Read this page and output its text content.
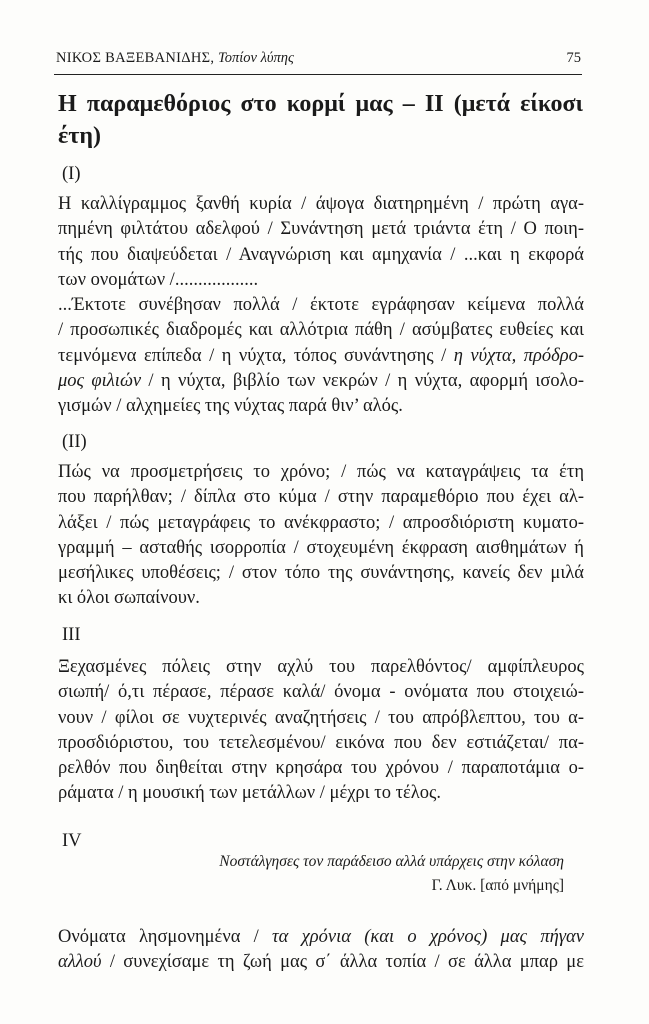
ΝΙΚΟΣ ΒΑΞΕΒΑΝΙΔΗΣ, Τοπίον λύπης	75
Η παραμεθόριος στο κορμί μας – ΙΙ (μετά είκοσι
έτη)
(Ι)

Η καλλίγραμμος ξανθή κυρία / άψογα διατηρημένη / πρώτη αγα-
πημένη φιλτάτου αδελφού / Συνάντηση μετά τριάντα έτη / Ο ποιη-
τής που διαψεύδεται / Αναγνώριση και αμηχανία / ...και η εκφορά
των ονομάτων /..................

...Έκτοτε συνέβησαν πολλά / έκτοτε εγράφησαν κείμενα πολλά
/ προσωπικές διαδρομές και αλλότρια πάθη / ασύμβατες ευθείες και
τεμνόμενα επίπεδα / η νύχτα, τόπος συνάντησης / η νύχτα, πρόδρο-
μος φιλιών / η νύχτα, βιβλίο των νεκρών / η νύχτα, αφορμή ισολο-
γισμών / αλχημείες της νύχτας παρά θιν’ αλός.

(ΙΙ)

Πώς να προσμετρήσεις το χρόνο; / πώς να καταγράψεις τα έτη
που παρήλθαν; / δίπλα στο κύμα / στην παραμεθόριο που έχει αλ-
λάξει / πώς μεταγράφεις το ανέκφραστο; / απροσδιόριστη κυματο-
γραμμή – ασταθής ισορροπία / στοχευμένη έκφραση αισθημάτων ή
μεσήλικες υποθέσεις; / στον τόπο της συνάντησης, κανείς δεν μιλά
κι όλοι σωπαίνουν.

ΙΙΙ

Ξεχασμένες πόλεις στην αχλύ του παρελθόντος/ αμφίπλευρος
σιωπή/ ό,τι πέρασε, πέρασε καλά/ όνομα - ονόματα που στοιχειώ-
νουν / φίλοι σε νυχτερινές αναζητήσεις / του απρόβλεπτου, του α-
προσδιόριστου, του τετελεσμένου/ εικόνα που δεν εστιάζεται/ πα-
ρελθόν που διηθείται στην κρησάρα του χρόνου / παραποτάμια ο-
ράματα / η μουσική των μετάλλων / μέχρι το τέλος.

ΙV
Νοστάλγησες τον παράδεισο αλλά υπάρχεις στην κόλαση
Γ. Λυκ. [από μνήμης]

Ονόματα λησμονημένα / τα χρόνια (και ο χρόνος) μας πήγαν
αλλού / συνεχίσαμε τη ζωή μας σ΄ άλλα τοπία / σε άλλα μπαρ με
